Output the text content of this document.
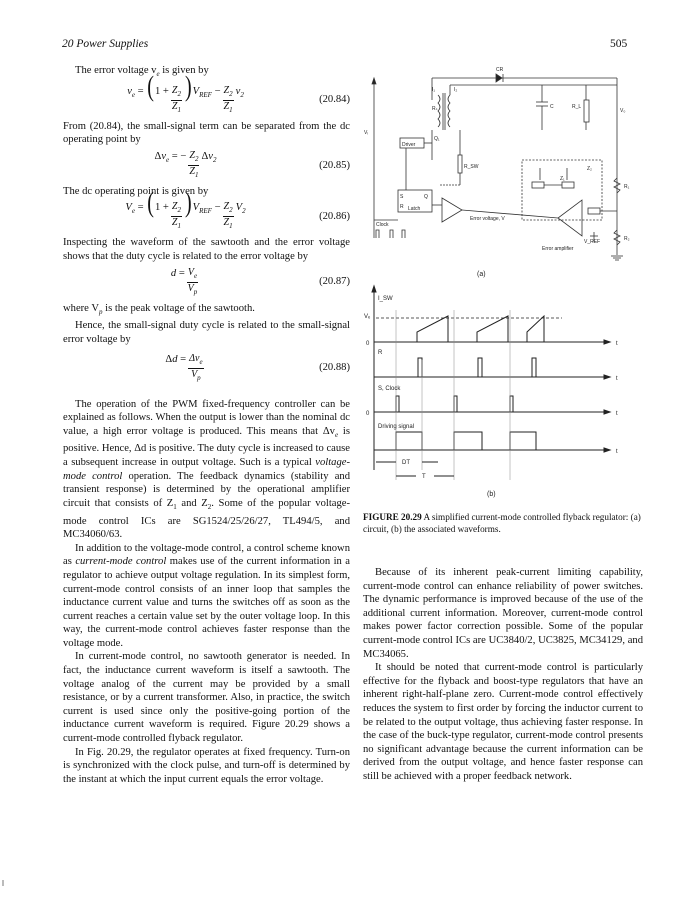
20 Power Supplies	505

The error voltage $v_e$ is given by

$v_e$ = ( $1 + \frac{Z_2}{Z_1}$ ) $V_{REF} - \frac{Z_2}{Z_1} v_2$	(20.84)

From (20.84), the small-signal term can be separated from the dc operating point by

Δ $v_e$ = − $\frac{Z_2}{Z_1}$ Δ $v_2$	(20.85)

The dc operating point is given by

$V_e$ = ( $1 + \frac{Z_2}{Z_1}$ ) $V_{REF} - \frac{Z_2}{Z_1} V_2$	(20.86)

Inspecting the waveform of the sawtooth and the error voltage shows that the duty cycle is related to the error voltage by

$d = \frac{V_e}{V_p}$	(20.87)

where $V_p$ is the peak voltage of the sawtooth.

Hence, the small-signal duty cycle is related to the small-signal error voltage by

Δ $d = \frac{\Delta v_e}{V_p}$	(20.88)

The operation of the PWM fixed-frequency controller can be explained as follows. When the output is lower than the nominal dc value, a high error voltage is produced. This means that $\Delta v_e$ is positive. Hence, Δd is positive. The duty cycle is increased to cause a subsequent increase in output voltage. Such is a typical voltage-mode control operation. The feedback dynamics (stability and transient response) is determined by the operational amplifier circuit that consists of $Z_1$ and $Z_2$. Some of the popular voltage-mode control ICs are SG1524/25/26/27, TL494/5, and MC34060/63.

In addition to the voltage-mode control, a control scheme known as current-mode control makes use of the current information in a regulator to achieve output voltage regulation. In its simplest form, current-mode control consists of an inner loop that samples the inductance current value and turns the switches off as soon as the current reaches a certain value set by the outer voltage loop. In this way, the current-mode control achieves faster response than the voltage mode.

In current-mode control, no sawtooth generator is needed. In fact, the inductance current waveform is itself a sawtooth. The voltage analog of the current may be provided by a small resistance, or by a current transformer. Also, in practice, the switch current is used since only the positive-going portion of the inductance current waveform is required. Figure 20.29 shows a current-mode controlled flyback regulator.

In Fig. 20.29, the regulator operates at fixed frequency. Turn-on is synchronized with the clock pulse, and turn-off is determined by the instant at which the input current equals the error voltage.

CR
I₁	I₂
Vᵢ
Driver
Q₁
R_SW
Rₛ	C	R_L
V₀
Latch
S
R
Q
Clock
Error voltage, V
Z₁
Z₂
Error amplifier
V_REF
R₁
R₂
(a)
I_SW
Vₑ
0
R
S, Clock
0
Driving signal
DT
T
t
t
t
t
(b)
FIGURE 20.29 A simplified current-mode controlled flyback regulator: (a) circuit, (b) the associated waveforms.

Because of its inherent peak-current limiting capability, current-mode control can enhance reliability of power switches. The dynamic performance is improved because of the use of the additional current information. Moreover, current-mode control makes power factor correction possible. Some of the popular current-mode control ICs are UC3840/2, UC3825, MC34129, and MC34065.

It should be noted that current-mode control is particularly effective for the flyback and boost-type regulators that have an inherent right-half-plane zero. Current-mode control effectively reduces the system to first order by forcing the inductor current to be related to the output voltage, thus achieving faster response. In the case of the buck-type regulator, current-mode control presents no significant advantage because the current information can be derived from the output voltage, and hence faster response can still be achieved with a proper feedback network.
